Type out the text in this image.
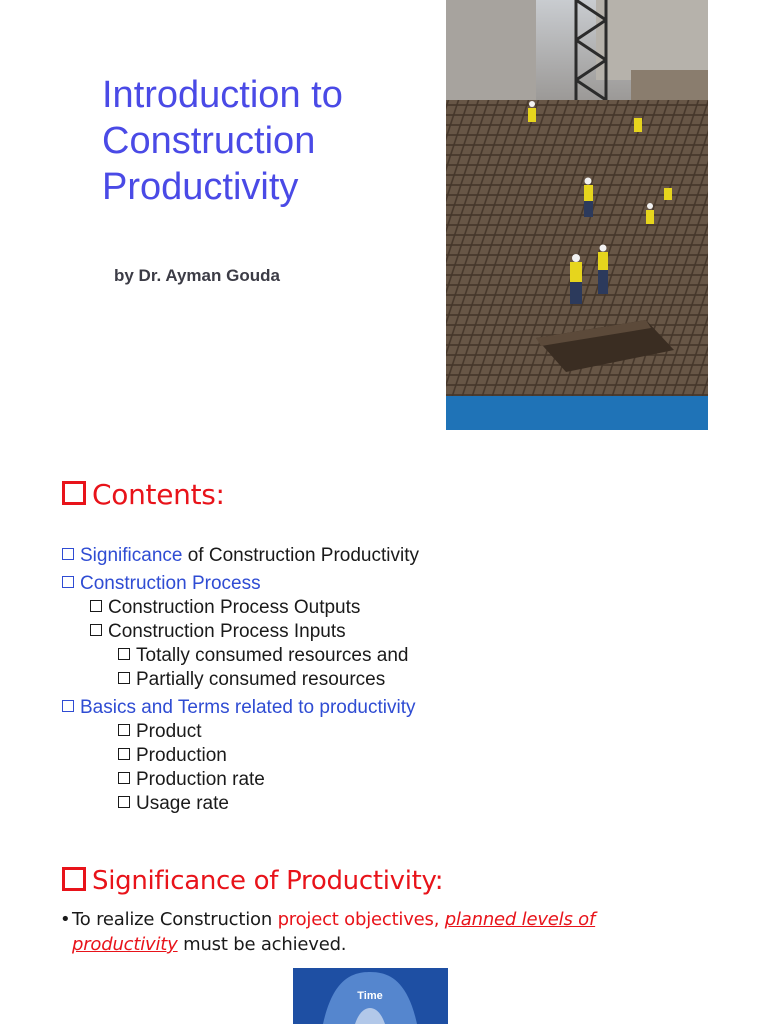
Introduction to
Construction
Productivity

by Dr. Ayman Gouda

Contents:
Significance of Construction Productivity
Construction Process
Construction Process Outputs
Construction Process Inputs
Totally consumed resources and
Partially consumed resources
Basics and Terms related to productivity
Product
Production
Production rate
Usage rate
Significance of Productivity:

•To realize Construction project objectives, planned levels of
productivity must be achieved.

Time
